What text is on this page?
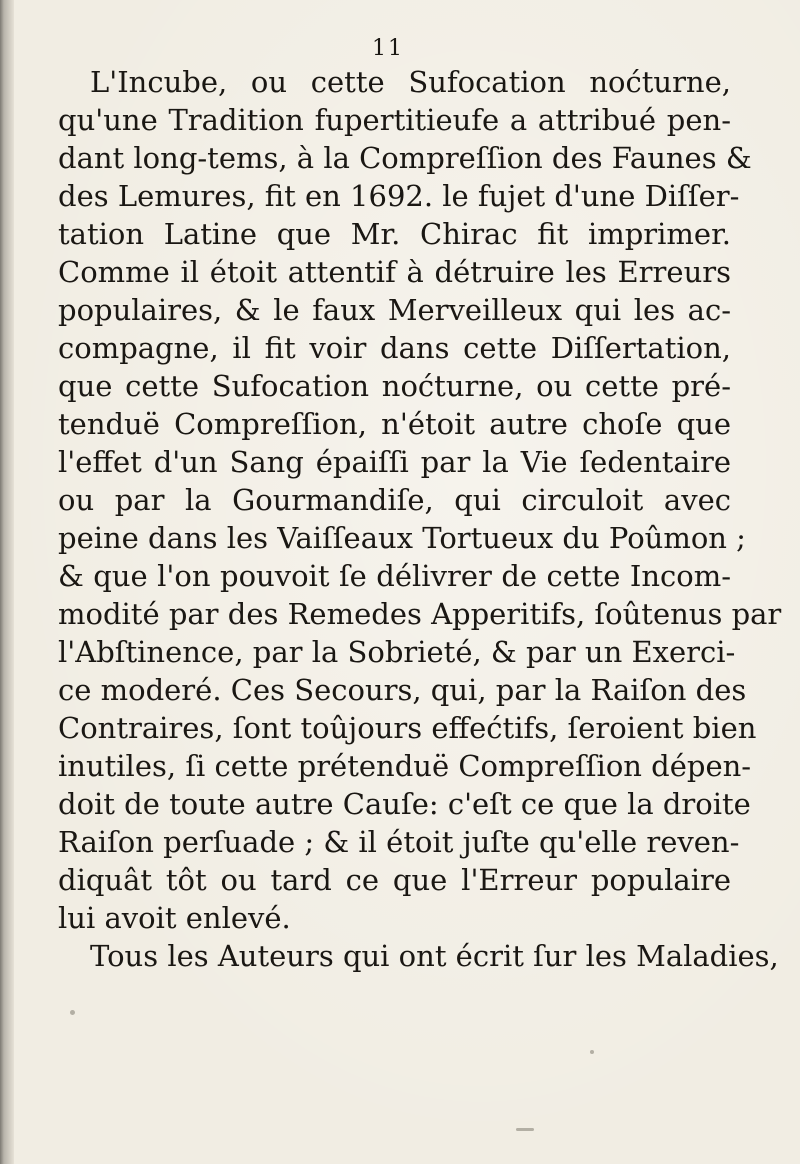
11
L'Incube, ou cette Sufocation noćturne,
qu'une Tradition fupertitieufe a attribué pen-
dant long-tems, à la Compreſſion des Faunes &
des Lemures, fit en 1692. le fujet d'une Diſſer-
tation Latine que Mr. Chirac fit imprimer.
Comme il étoit attentif à détruire les Erreurs
populaires, & le faux Merveilleux qui les ac-
compagne, il fit voir dans cette Diſſertation,
que cette Sufocation noćturne, ou cette pré-
tenduë Compreſſion, n'étoit autre choſe que
l'effet d'un Sang épaiſſi par la Vie ſedentaire
ou par la Gourmandiſe, qui circuloit avec
peine dans les Vaiſſeaux Tortueux du Poûmon ;
& que l'on pouvoit ſe délivrer de cette Incom-
modité par des Remedes Apperitifs, ſoûtenus par
l'Abſtinence, par la Sobrieté, & par un Exerci-
ce moderé. Ces Secours, qui, par la Raiſon des
Contraires, ſont toûjours effećtifs, ſeroient bien
inutiles, ſi cette prétenduë Compreſſion dépen-
doit de toute autre Cauſe: c'eſt ce que la droite
Raiſon perſuade ; & il étoit juſte qu'elle reven-
diquât tôt ou tard ce que l'Erreur populaire
lui avoit enlevé.
Tous les Auteurs qui ont écrit ſur les Maladies,
